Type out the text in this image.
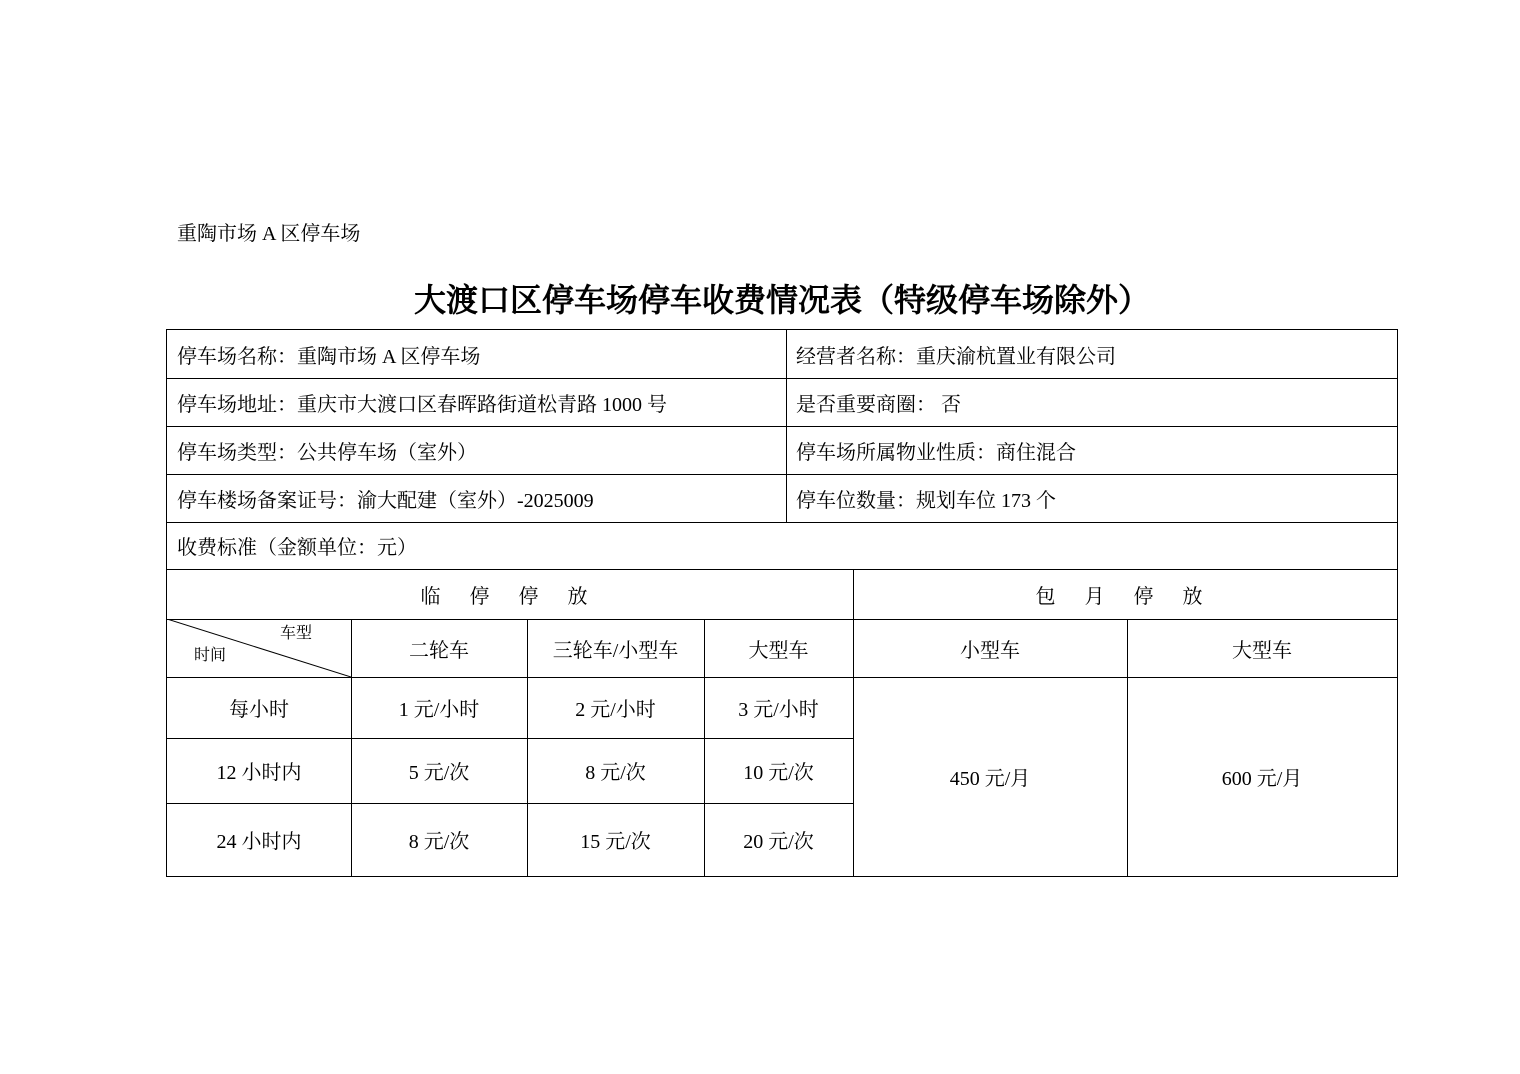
重陶市场 A 区停车场
大渡口区停车场停车收费情况表（特级停车场除外）
停车场名称：重陶市场 A 区停车场	经营者名称：重庆渝杭置业有限公司
停车场地址：重庆市大渡口区春晖路街道松青路 1000 号	是否重要商圈： 否
停车场类型：公共停车场（室外）	停车场所属物业性质：商住混合
停车楼场备案证号：渝大配建（室外）-2025009	停车位数量：规划车位 173 个
收费标准（金额单位：元）
临 停 停 放	包 月 停 放
车型
时间	二轮车	三轮车/小型车	大型车	小型车	大型车
每小时	1 元/小时	2 元/小时	3 元/小时
12 小时内	5 元/次	8 元/次	10 元/次
24 小时内	8 元/次	15 元/次	20 元/次
450 元/月	600 元/月
